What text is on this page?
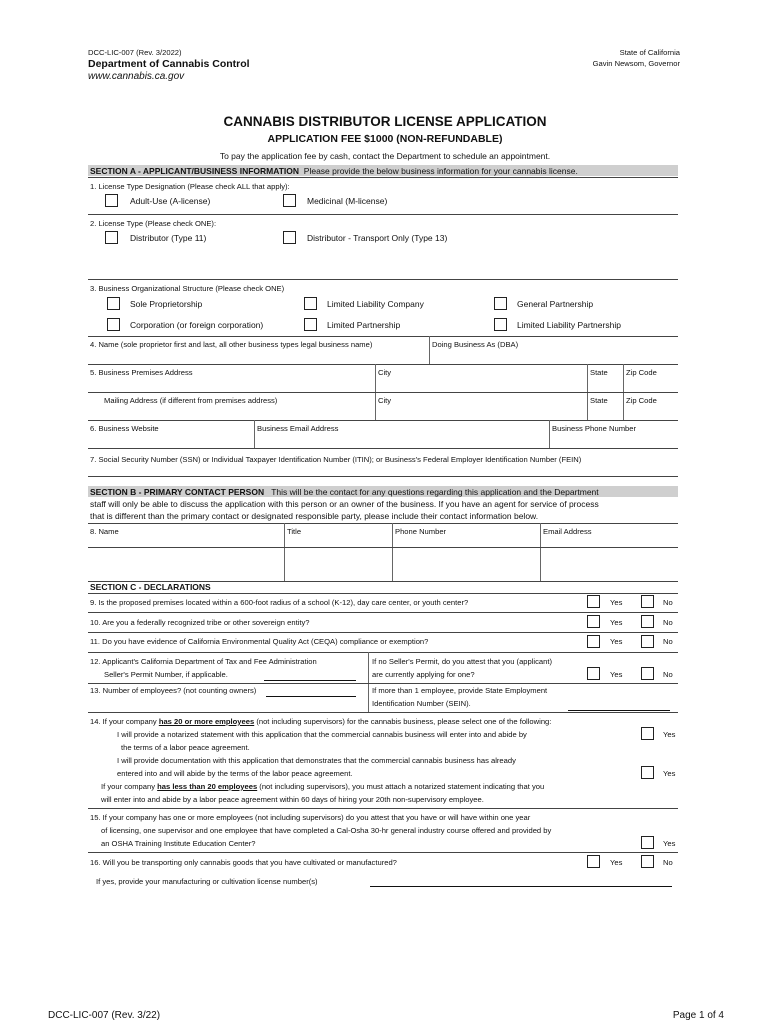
DCC-LIC-007 (Rev. 3/2022)
Department of Cannabis Control
www.cannabis.ca.gov
State of California
Gavin Newsom, Governor
CANNABIS DISTRIBUTOR LICENSE APPLICATION
APPLICATION FEE $1000 (NON-REFUNDABLE)
To pay the application fee by cash, contact the Department to schedule an appointment.
SECTION A - APPLICANT/BUSINESS INFORMATION Please provide the below business information for your cannabis license.
1. License Type Designation (Please check ALL that apply):
Adult-Use (A-license)	Medicinal (M-license)
2. License Type (Please check ONE):
Distributor (Type 11)	Distributor - Transport Only (Type 13)
3. Business Organizational Structure (Please check ONE)
Sole Proprietorship	Limited Liability Company	General Partnership
Corporation (or foreign corporation)	Limited Partnership	Limited Liability Partnership
4. Name (sole proprietor first and last, all other business types legal business name)	Doing Business As (DBA)
5. Business Premises Address	City	State Zip Code
Mailing Address (if different from premises address)	City	State Zip Code
6. Business Website	Business Email Address	Business Phone Number
7. Social Security Number (SSN) or Individual Taxpayer Identification Number (ITIN); or Business's Federal Employer Identification Number (FEIN)
SECTION B - PRIMARY CONTACT PERSON This will be the contact for any questions regarding this application and the Department
staff will only be able to discuss the application with this person or an owner of the business. If you have an agent for service of process
that is different than the primary contact or designated responsible party, please include their contact information below.
8. Name	Title	Phone Number	Email Address
SECTION C - DECLARATIONS
9. Is the proposed premises located within a 600-foot radius of a school (K-12), day care center, or youth center?	Yes	No
10. Are you a federally recognized tribe or other sovereign entity?	Yes	No
11. Do you have evidence of California Environmental Quality Act (CEQA) compliance or exemption?	Yes	No
12. Applicant's California Department of Tax and Fee Administration
Seller's Permit Number, if applicable.
If no Seller's Permit, do you attest that you (applicant)
are currently applying for one?	Yes	No
13. Number of employees? (not counting owners)	If more than 1 employee, provide State Employment
Identification Number (SEIN).
14. If your company has 20 or more employees (not including supervisors) for the cannabis business, please select one of the following:
I will provide a notarized statement with this application that the commercial cannabis business will enter into and abide by
the terms of a labor peace agreement.
Yes
I will provide documentation with this application that demonstrates that the commercial cannabis business has already
entered into and will abide by the terms of the labor peace agreement.	Yes
If your company has less than 20 employees (not including supervisors), you must attach a notarized statement indicating that you
will enter into and abide by a labor peace agreement within 60 days of hiring your 20th non-supervisory employee.
15. If your company has one or more employees (not including supervisors) do you attest that you have or will have within one year
of licensing, one supervisor and one employee that have completed a Cal-Osha 30-hr general industry course offered and provided by
an OSHA Training Institute Education Center?	Yes
16. Will you be transporting only cannabis goods that you have cultivated or manufactured?	Yes	No
If yes, provide your manufacturing or cultivation license number(s)
DCC-LIC-007 (Rev. 3/22)	Page 1 of 4
